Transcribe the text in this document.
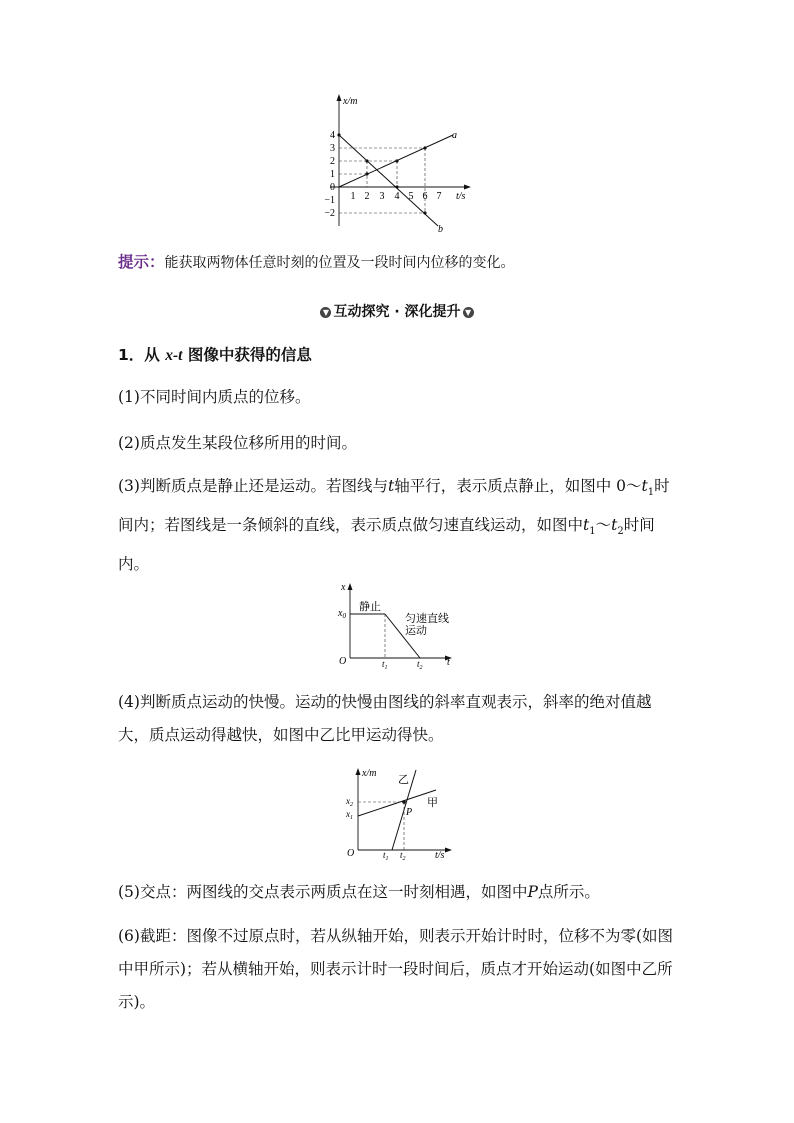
x/m
4
3
2
1
0
−1
−2
1 2 3 4 5 6 7 t/s
a
b

提示：能获取两物体任意时刻的位置及一段时间内位移的变化。

▼ 互动探究 · 深化提升 ▼

1．从 x-t 图像中获得的信息

(1)不同时间内质点的位移。

(2)质点发生某段位移所用的时间。

(3)判断质点是静止还是运动。若图线与t轴平行，表示质点静止，如图中 $0\sim t_1$时间内；若图线是一条倾斜的直线，表示质点做匀速直线运动，如图中$t_1\sim t_2$时间内。

x
O
$x_0$
静止
匀速直线
运动
$t_1$	$t_2$ t

(4)判断质点运动的快慢。运动的快慢由图线的斜率直观表示，斜率的绝对值越大，质点运动得越快，如图中乙比甲运动得快。

x/m
O
$x_2$
$x_1$
乙
甲
P
$t_1$ $t_2$	t/s

(5)交点：两图线的交点表示两质点在这一时刻相遇，如图中P点所示。

(6)截距：图像不过原点时，若从纵轴开始，则表示开始计时时，位移不为零(如图中甲所示)；若从横轴开始，则表示计时一段时间后，质点才开始运动(如图中乙所示)。
